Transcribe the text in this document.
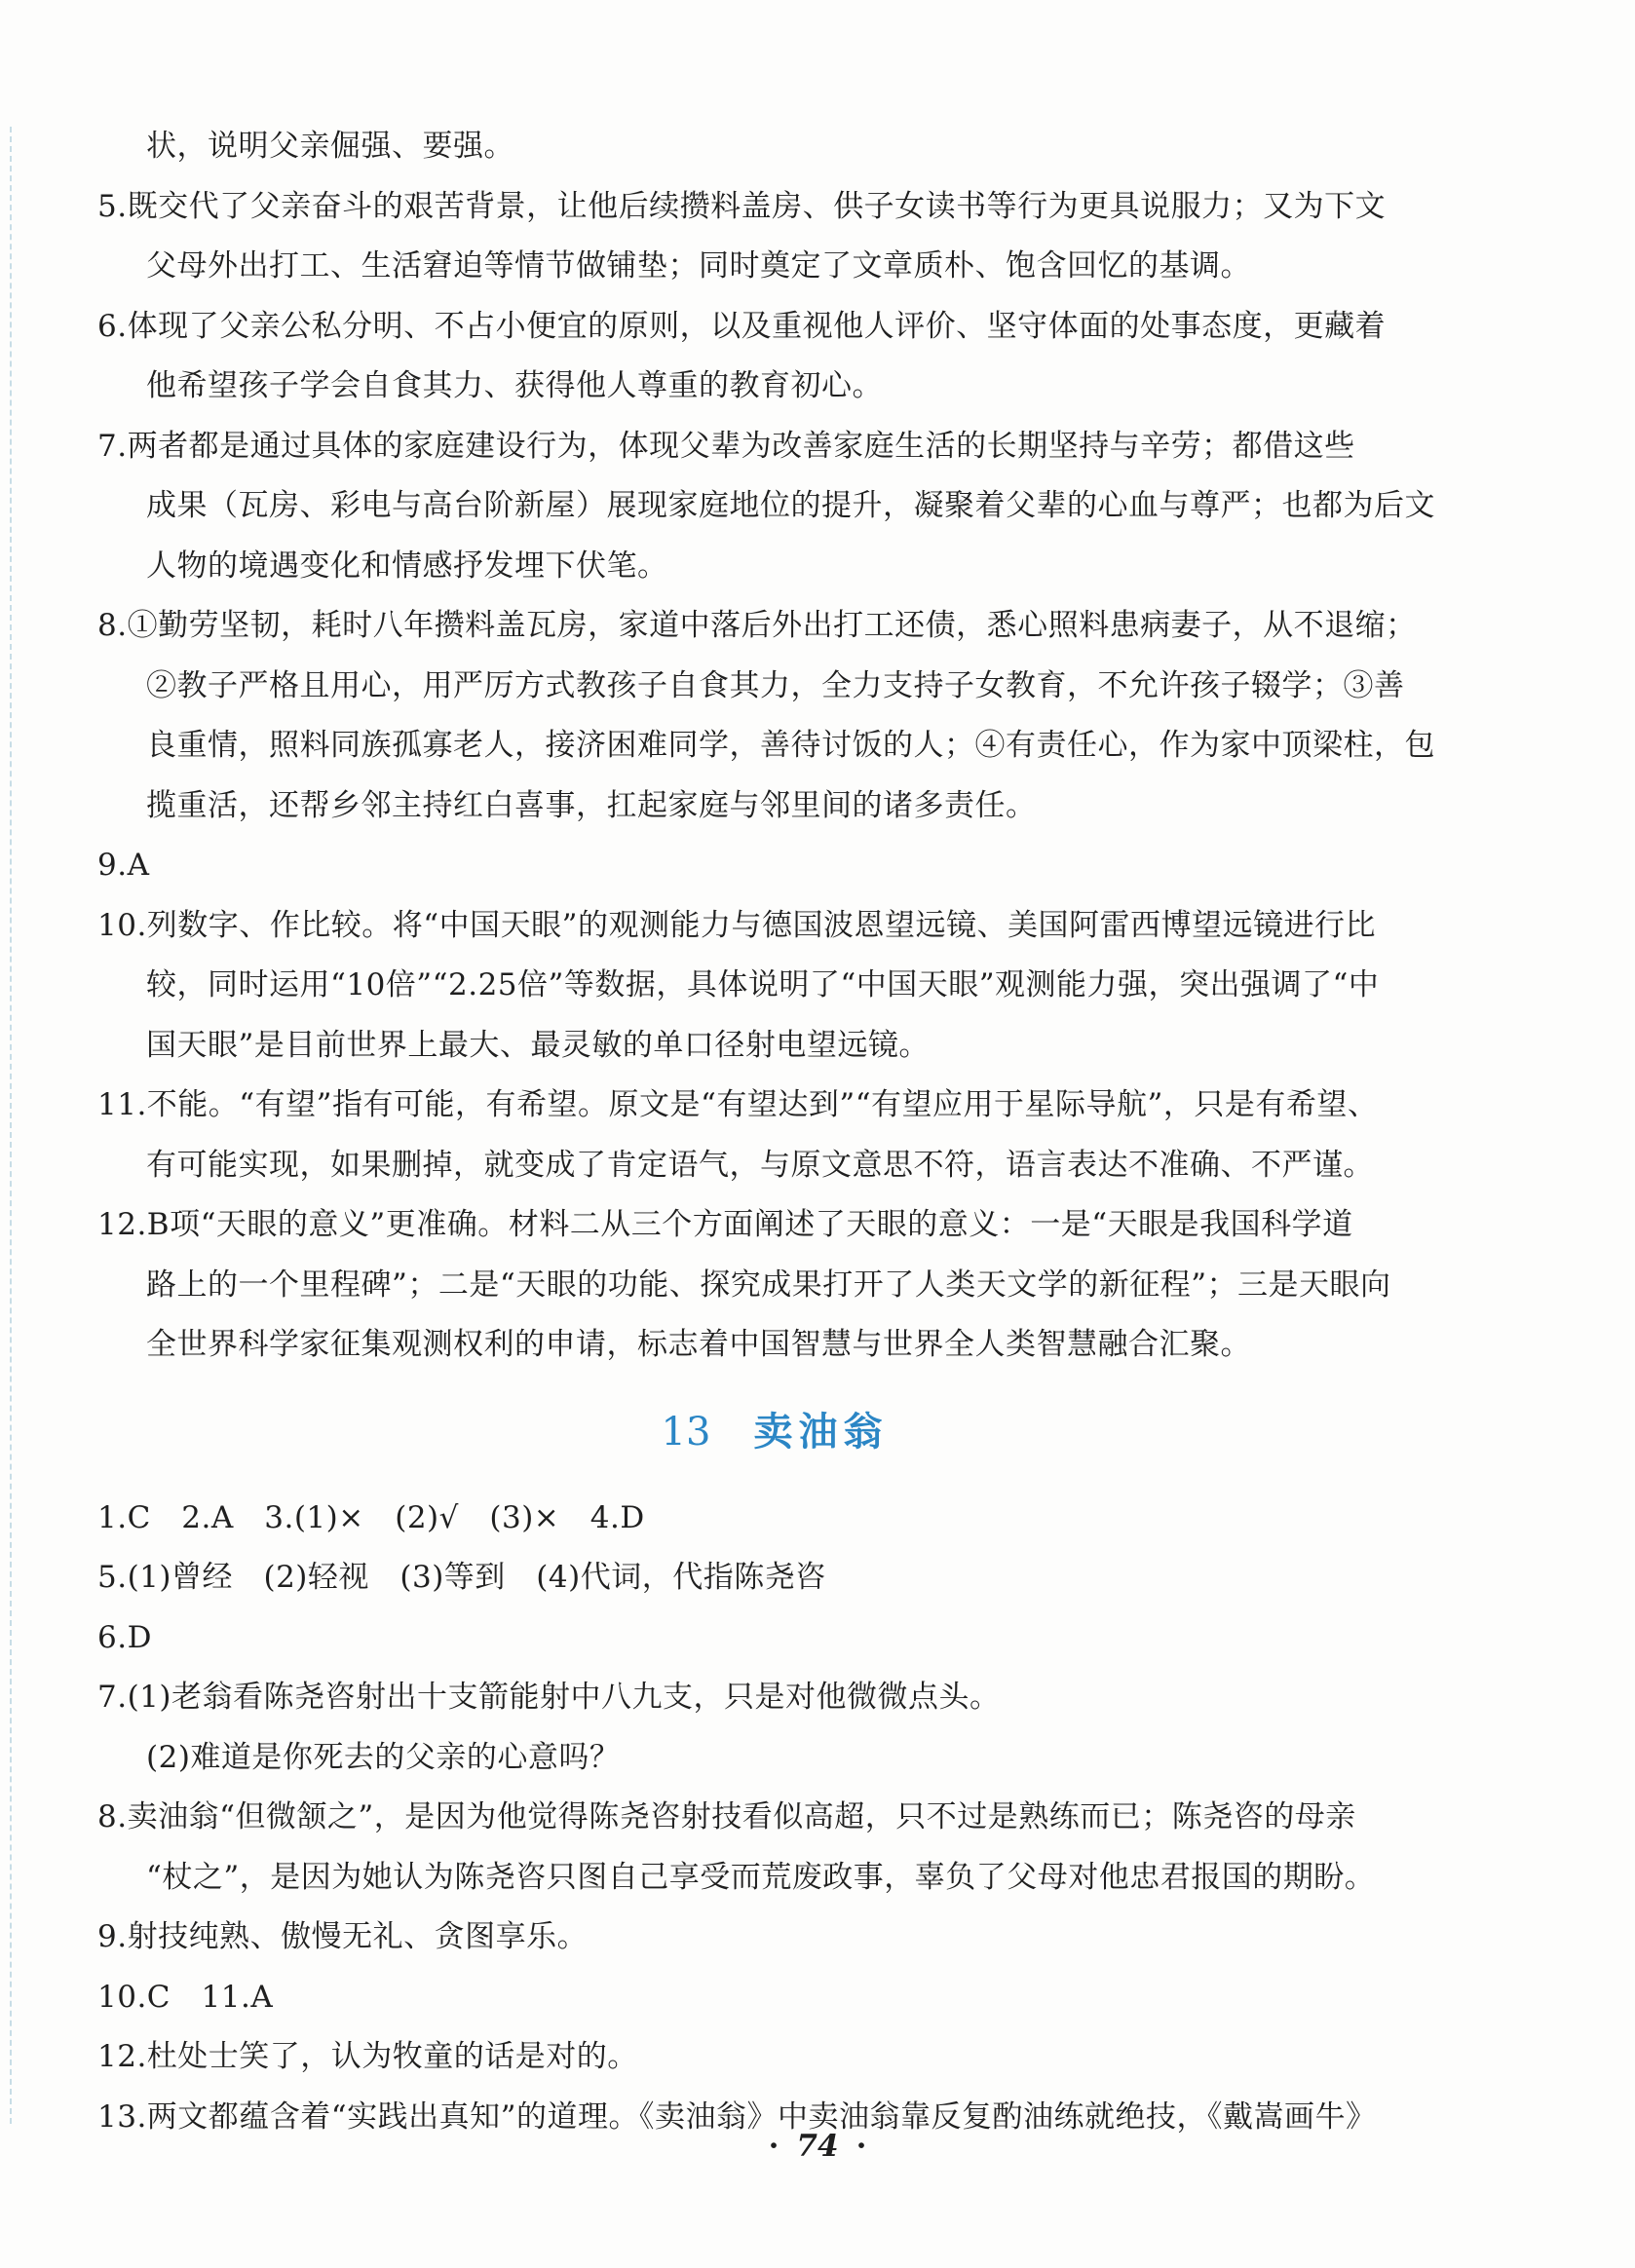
状，说明父亲倔强、要强。
5.既交代了父亲奋斗的艰苦背景，让他后续攒料盖房、供子女读书等行为更具说服力；又为下文
父母外出打工、生活窘迫等情节做铺垫；同时奠定了文章质朴、饱含回忆的基调。
6.体现了父亲公私分明、不占小便宜的原则，以及重视他人评价、坚守体面的处事态度，更藏着
他希望孩子学会自食其力、获得他人尊重的教育初心。
7.两者都是通过具体的家庭建设行为，体现父辈为改善家庭生活的长期坚持与辛劳；都借这些
成果（瓦房、彩电与高台阶新屋）展现家庭地位的提升，凝聚着父辈的心血与尊严；也都为后文
人物的境遇变化和情感抒发埋下伏笔。
8.①勤劳坚韧，耗时八年攒料盖瓦房，家道中落后外出打工还债，悉心照料患病妻子，从不退缩；
②教子严格且用心，用严厉方式教孩子自食其力，全力支持子女教育，不允许孩子辍学；③善
良重情，照料同族孤寡老人，接济困难同学，善待讨饭的人；④有责任心，作为家中顶梁柱，包
揽重活，还帮乡邻主持红白喜事，扛起家庭与邻里间的诸多责任。
9.A
10.列数字、作比较。将“中国天眼”的观测能力与德国波恩望远镜、美国阿雷西博望远镜进行比
较，同时运用“10倍”“2.25倍”等数据，具体说明了“中国天眼”观测能力强，突出强调了“中
国天眼”是目前世界上最大、最灵敏的单口径射电望远镜。
11.不能。“有望”指有可能，有希望。原文是“有望达到”“有望应用于星际导航”，只是有希望、
有可能实现，如果删掉，就变成了肯定语气，与原文意思不符，语言表达不准确、不严谨。
12.B项“天眼的意义”更准确。材料二从三个方面阐述了天眼的意义：一是“天眼是我国科学道
路上的一个里程碑”；二是“天眼的功能、探究成果打开了人类天文学的新征程”；三是天眼向
全世界科学家征集观测权利的申请，标志着中国智慧与世界全人类智慧融合汇聚。
13 卖油翁
1.C　2.A　3.(1)×　(2)√　(3)×　4.D
5.(1)曾经　(2)轻视　(3)等到　(4)代词，代指陈尧咨
6.D
7.(1)老翁看陈尧咨射出十支箭能射中八九支，只是对他微微点头。
(2)难道是你死去的父亲的心意吗？
8.卖油翁“但微颔之”，是因为他觉得陈尧咨射技看似高超，只不过是熟练而已；陈尧咨的母亲
“杖之”，是因为她认为陈尧咨只图自己享受而荒废政事，辜负了父母对他忠君报国的期盼。
9.射技纯熟、傲慢无礼、贪图享乐。
10.C　11.A
12.杜处士笑了，认为牧童的话是对的。
13.两文都蕴含着“实践出真知”的道理。《卖油翁》中卖油翁靠反复酌油练就绝技，《戴嵩画牛》
· 74 ·
